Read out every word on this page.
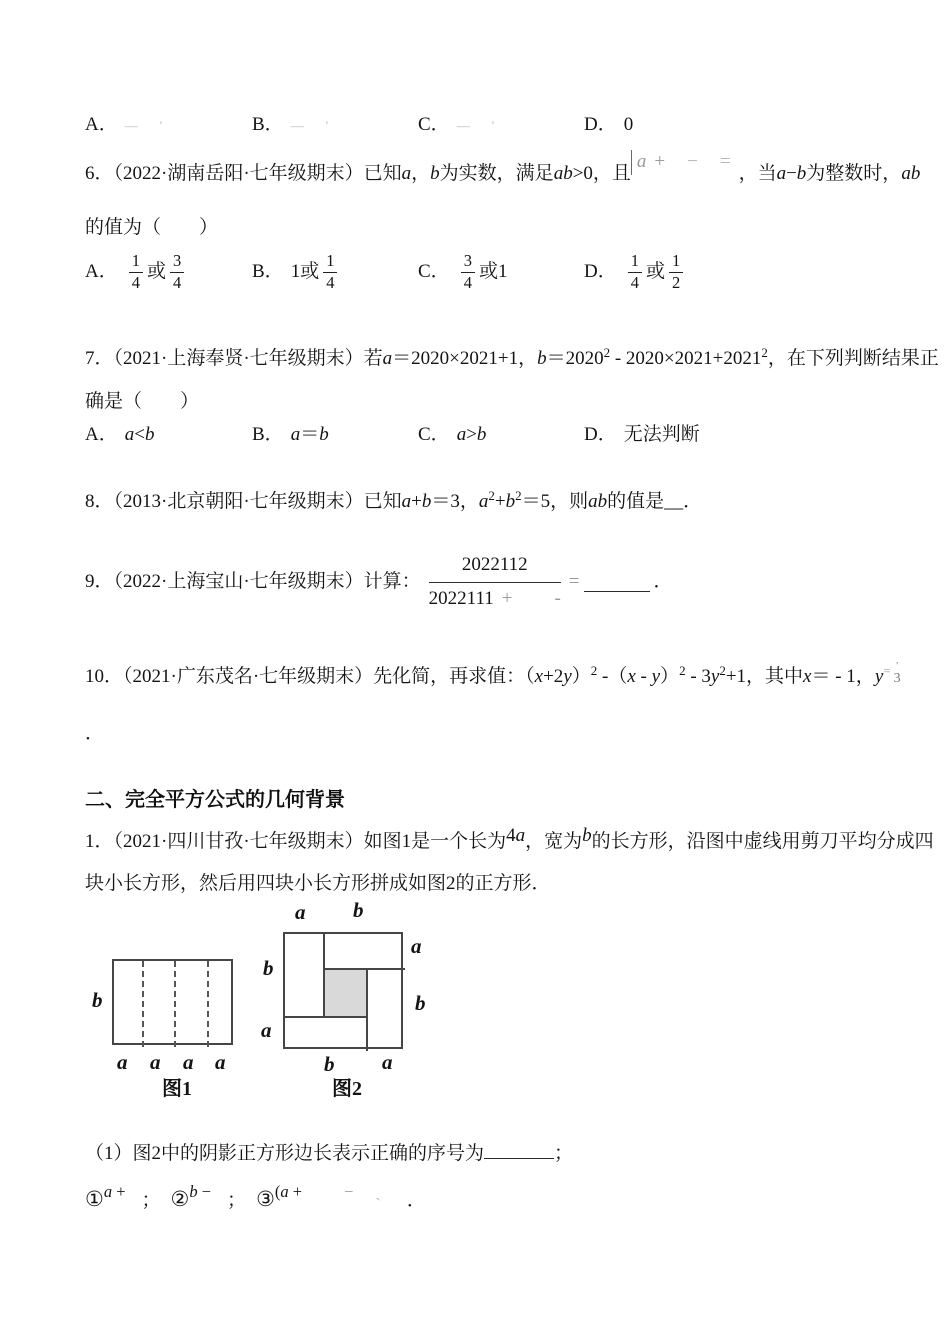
A． — '	B． — '	C． — '	D． 0
6．（2022·湖南岳阳·七年级期末）已知a，b为实数，满足ab>0，且a + − =，当a−b为整数时，ab
的值为（　　）
A． $\frac{1}{4}$ 或 $\frac{3}{4}$	B． 1或 $\frac{1}{4}$	C． $\frac{3}{4}$ 或1	D． $\frac{1}{4}$ 或 $\frac{1}{2}$
7．（2021·上海奉贤·七年级期末）若a＝2020×2021+1，$b=2020^2 - 2020\times 2021+2021^2$，在下列判断结果正
确是（　　）
A． a<b	B． a＝b	C． a>b	D． 无法判断
8．（2013·北京朝阳·七年级期末）已知a+b＝3，$a^2+b^2=5$，则ab的值是__．
9．（2022·上海宝山·七年级期末）计算： $\frac{2022112}{2022111 + -}$ =	．
10．（2021·广东茂名·七年级期末）先化简，再求值：$(x+2y)^2$ $-(x - y)^2 - 3y^2+1$，其中x＝ - 1，y= '
3
．
二、完全平方公式的几何背景
1．（2021·四川甘孜·七年级期末）如图1是一个长为4a，宽为b的长方形，沿图中虚线用剪刀平均分成四
块小长方形，然后用四块小长方形拼成如图2的正方形．
b
a a a a
图1
a b
a
b
b
a
b a
图2
（1）图2中的阴影正方形边长表示正确的序号为	；
①a + ； ②b − ； ③(a +	− ˎ ．
